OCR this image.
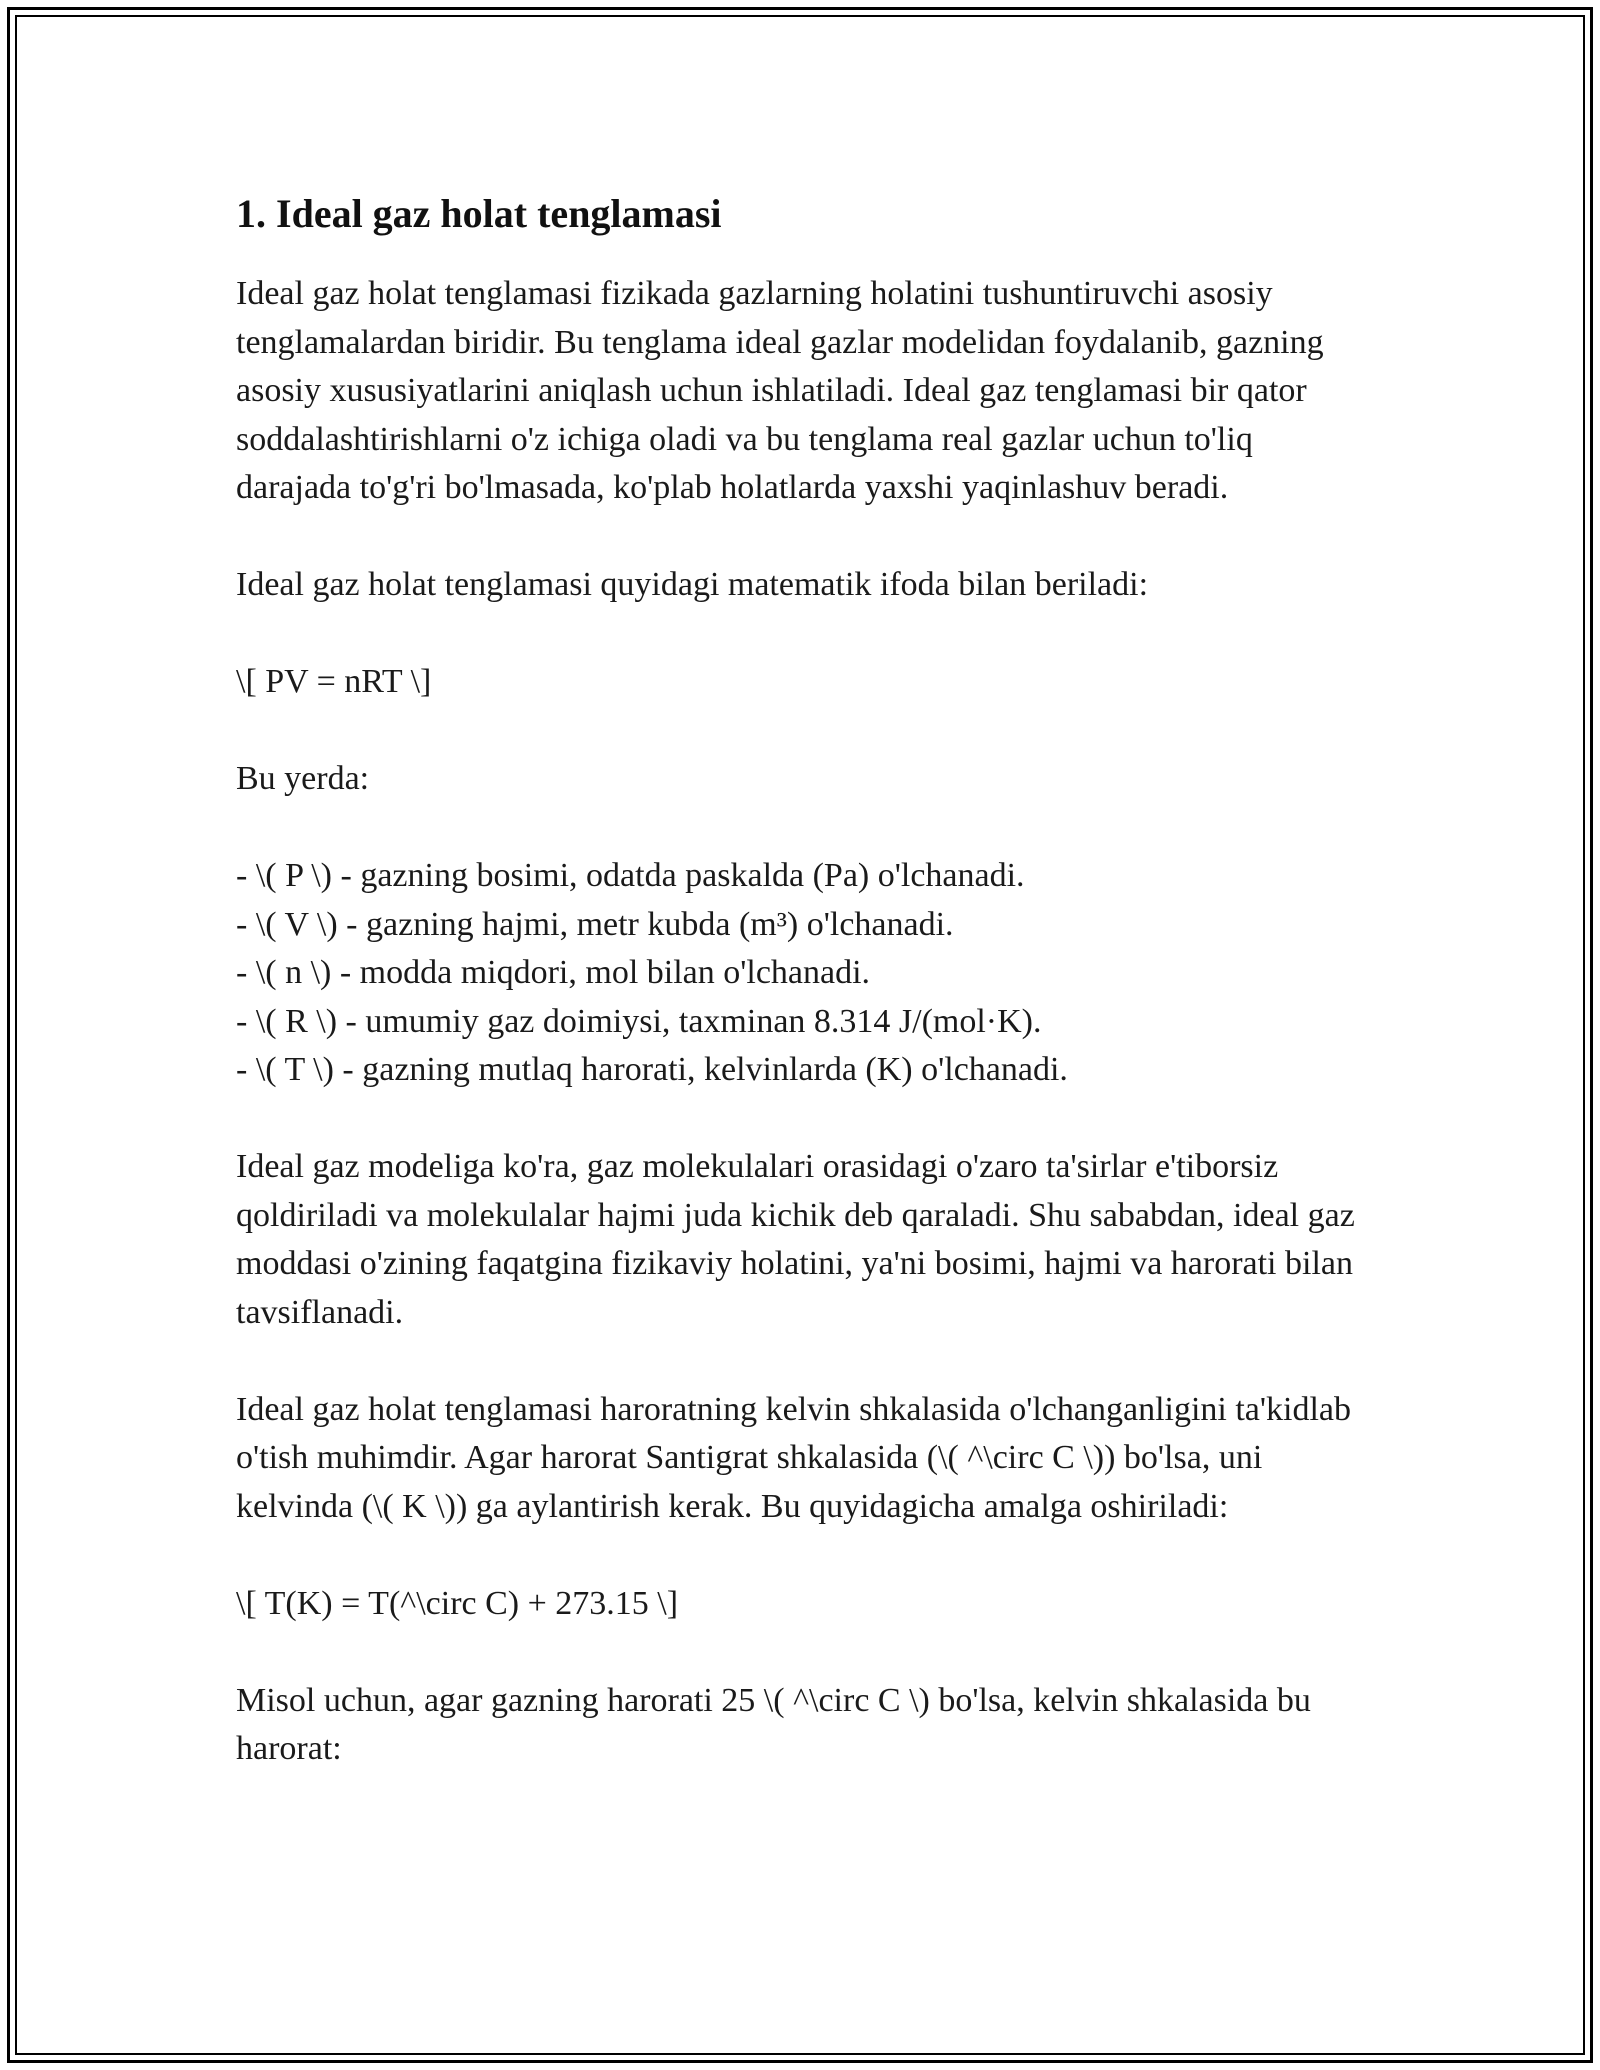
1. Ideal gaz holat tenglamasi

Ideal gaz holat tenglamasi fizikada gazlarning holatini tushuntiruvchi asosiy tenglamalardan biridir. Bu tenglama ideal gazlar modelidan foydalanib, gazning asosiy xususiyatlarini aniqlash uchun ishlatiladi. Ideal gaz tenglamasi bir qator soddalashtirishlarni o'z ichiga oladi va bu tenglama real gazlar uchun to'liq darajada to'g'ri bo'lmasada, ko'plab holatlarda yaxshi yaqinlashuv beradi.

Ideal gaz holat tenglamasi quyidagi matematik ifoda bilan beriladi:

\[ PV = nRT \]

Bu yerda:

- \( P \) - gazning bosimi, odatda paskalda (Pa) o'lchanadi.
- \( V \) - gazning hajmi, metr kubda (m³) o'lchanadi.
- \( n \) - modda miqdori, mol bilan o'lchanadi.
- \( R \) - umumiy gaz doimiysi, taxminan 8.314 J/(mol·K).
- \( T \) - gazning mutlaq harorati, kelvinlarda (K) o'lchanadi.

Ideal gaz modeliga ko'ra, gaz molekulalari orasidagi o'zaro ta'sirlar e'tiborsiz qoldiriladi va molekulalar hajmi juda kichik deb qaraladi. Shu sababdan, ideal gaz moddasi o'zining faqatgina fizikaviy holatini, ya'ni bosimi, hajmi va harorati bilan tavsiflanadi.

Ideal gaz holat tenglamasi haroratning kelvin shkalasida o'lchanganligini ta'kidlab o'tish muhimdir. Agar harorat Santigrat shkalasida (\( ^\circ C \)) bo'lsa, uni kelvinda (\( K \)) ga aylantirish kerak. Bu quyidagicha amalga oshiriladi:

\[ T(K) = T(^\circ C) + 273.15 \]

Misol uchun, agar gazning harorati 25 \( ^\circ C \) bo'lsa, kelvin shkalasida bu harorat:
